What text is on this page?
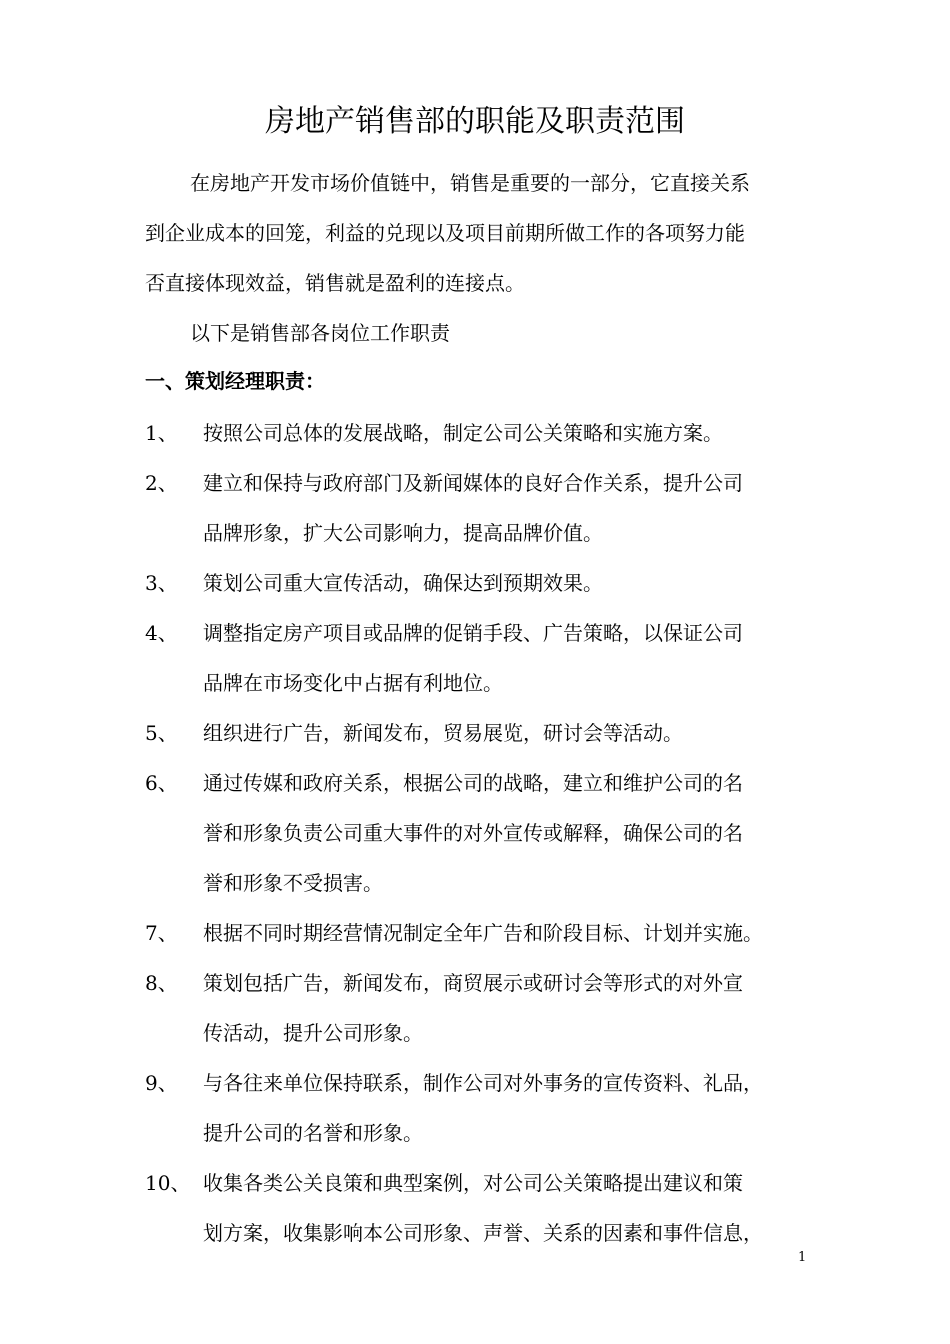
房地产销售部的职能及职责范围
在房地产开发市场价值链中，销售是重要的一部分，它直接关系
到企业成本的回笼，利益的兑现以及项目前期所做工作的各项努力能
否直接体现效益，销售就是盈利的连接点。
以下是销售部各岗位工作职责
一、策划经理职责：
1、 按照公司总体的发展战略，制定公司公关策略和实施方案。
2、 建立和保持与政府部门及新闻媒体的良好合作关系，提升公司
品牌形象，扩大公司影响力，提高品牌价值。
3、 策划公司重大宣传活动，确保达到预期效果。
4、 调整指定房产项目或品牌的促销手段、广告策略，以保证公司
品牌在市场变化中占据有利地位。
5、 组织进行广告，新闻发布，贸易展览，研讨会等活动。
6、 通过传媒和政府关系，根据公司的战略，建立和维护公司的名
誉和形象负责公司重大事件的对外宣传或解释，确保公司的名
誉和形象不受损害。
7、 根据不同时期经营情况制定全年广告和阶段目标、计划并实施。
8、 策划包括广告，新闻发布，商贸展示或研讨会等形式的对外宣
传活动，提升公司形象。
9、 与各往来单位保持联系，制作公司对外事务的宣传资料、礼品，
提升公司的名誉和形象。
10、 收集各类公关良策和典型案例，对公司公关策略提出建议和策
划方案，收集影响本公司形象、声誉、关系的因素和事件信息，
1
